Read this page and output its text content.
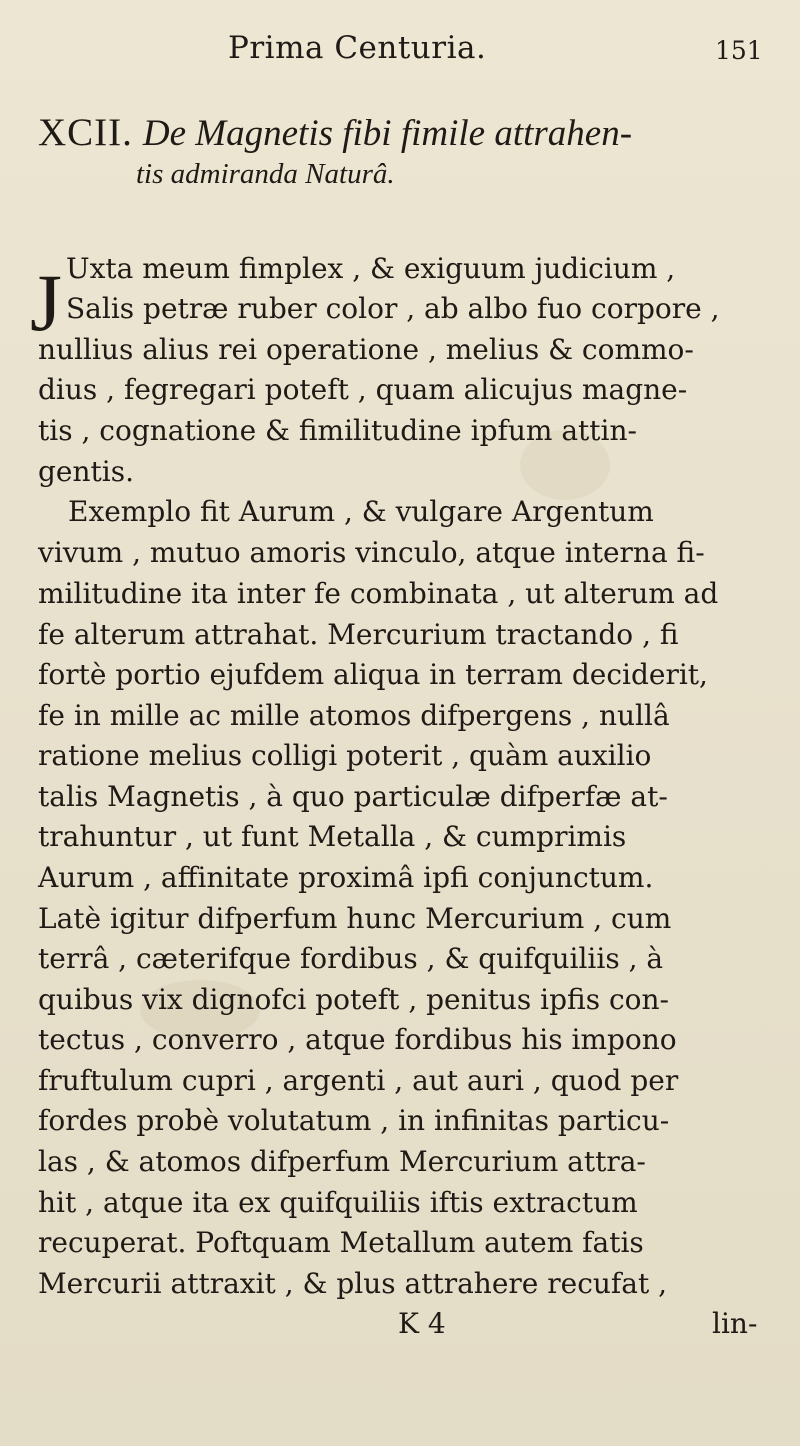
Prima Centuria.	151
XCII. De Magnetis fibi fimile attrahen-
tis admiranda Naturâ.
J Uxta meum fimplex , & exiguum judicium ,
Salis petræ ruber color , ab albo fuo corpore ,
nullius alius rei operatione , melius & commo-
dius , fegregari poteft , quam alicujus magne-
tis , cognatione & fimilitudine ipfum attin-
gentis.
Exemplo fit Aurum , & vulgare Argentum
vivum , mutuo amoris vinculo, atque interna fi-
militudine ita inter fe combinata , ut alterum ad
fe alterum attrahat. Mercurium tractando , fi
fortè portio ejufdem aliqua in terram deciderit,
fe in mille ac mille atomos difpergens , nullâ
ratione melius colligi poterit , quàm auxilio
talis Magnetis , à quo particulæ difperfæ at-
trahuntur , ut funt Metalla , & cumprimis
Aurum , affinitate proximâ ipfi conjunctum.
Latè igitur difperfum hunc Mercurium , cum
terrâ , cæterifque fordibus , & quifquiliis , à
quibus vix dignofci poteft , penitus ipfis con-
tectus , converro , atque fordibus his impono
fruftulum cupri , argenti , aut auri , quod per
fordes probè volutatum , in infinitas particu-
las , & atomos difperfum Mercurium attra-
hit , atque ita ex quifquiliis iftis extractum
recuperat. Poftquam Metallum autem fatis
Mercurii attraxit , & plus attrahere recufat ,
K 4	lin-
